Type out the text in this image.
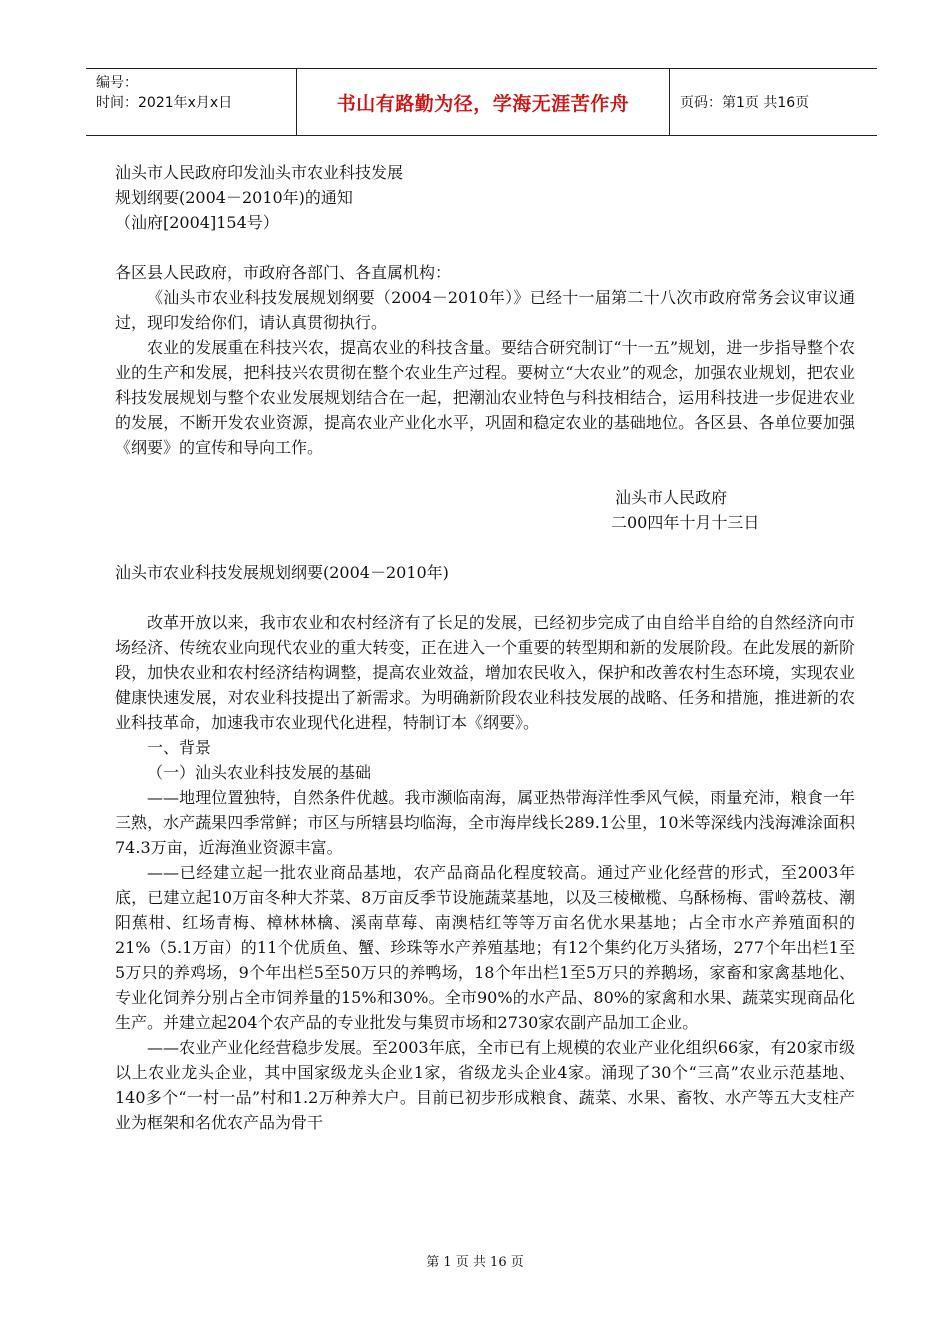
编号：
时间：2021年x月x日	书山有路勤为径，学海无涯苦作舟	页码：第1页 共16页

汕头市人民政府印发汕头市农业科技发展

规划纲要(2004－2010年)的通知

（汕府[2004]154号）

各区县人民政府，市政府各部门、各直属机构：

《汕头市农业科技发展规划纲要（2004－2010年）》已经十一届第二十八次市政府常务会议审议通过，现印发给你们，请认真贯彻执行。

农业的发展重在科技兴农，提高农业的科技含量。要结合研究制订“十一五”规划，进一步指导整个农业的生产和发展，把科技兴农贯彻在整个农业生产过程。要树立“大农业”的观念，加强农业规划，把农业科技发展规划与整个农业发展规划结合在一起，把潮汕农业特色与科技相结合，运用科技进一步促进农业的发展，不断开发农业资源，提高农业产业化水平，巩固和稳定农业的基础地位。各区县、各单位要加强《纲要》的宣传和导向工作。

汕头市人民政府

二00四年十月十三日

汕头市农业科技发展规划纲要(2004－2010年)

改革开放以来，我市农业和农村经济有了长足的发展，已经初步完成了由自给半自给的自然经济向市场经济、传统农业向现代农业的重大转变，正在进入一个重要的转型期和新的发展阶段。在此发展的新阶段，加快农业和农村经济结构调整，提高农业效益，增加农民收入，保护和改善农村生态环境，实现农业健康快速发展，对农业科技提出了新需求。为明确新阶段农业科技发展的战略、任务和措施，推进新的农业科技革命，加速我市农业现代化进程，特制订本《纲要》。

一、背景

（一）汕头农业科技发展的基础

——地理位置独特，自然条件优越。我市濒临南海，属亚热带海洋性季风气候，雨量充沛，粮食一年三熟，水产蔬果四季常鲜；市区与所辖县均临海，全市海岸线长289.1公里，10米等深线内浅海滩涂面积74.3万亩，近海渔业资源丰富。

——已经建立起一批农业商品基地，农产品商品化程度较高。通过产业化经营的形式，至2003年底，已建立起10万亩冬种大芥菜、8万亩反季节设施蔬菜基地，以及三棱橄榄、乌酥杨梅、雷岭荔枝、潮阳蕉柑、红场青梅、樟林林檎、溪南草莓、南澳桔红等等万亩名优水果基地；占全市水产养殖面积的21%（5.1万亩）的11个优质鱼、蟹、珍珠等水产养殖基地；有12个集约化万头猪场，277个年出栏1至5万只的养鸡场，9个年出栏5至50万只的养鸭场，18个年出栏1至5万只的养鹅场，家畜和家禽基地化、专业化饲养分别占全市饲养量的15%和30%。全市90%的水产品、80%的家禽和水果、蔬菜实现商品化生产。并建立起204个农产品的专业批发与集贸市场和2730家农副产品加工企业。

——农业产业化经营稳步发展。至2003年底，全市已有上规模的农业产业化组织66家，有20家市级以上农业龙头企业，其中国家级龙头企业1家，省级龙头企业4家。涌现了30个“三高”农业示范基地、140多个“一村一品”村和1.2万种养大户。目前已初步形成粮食、蔬菜、水果、畜牧、水产等五大支柱产业为框架和名优农产品为骨干

第 1 页 共 16 页
